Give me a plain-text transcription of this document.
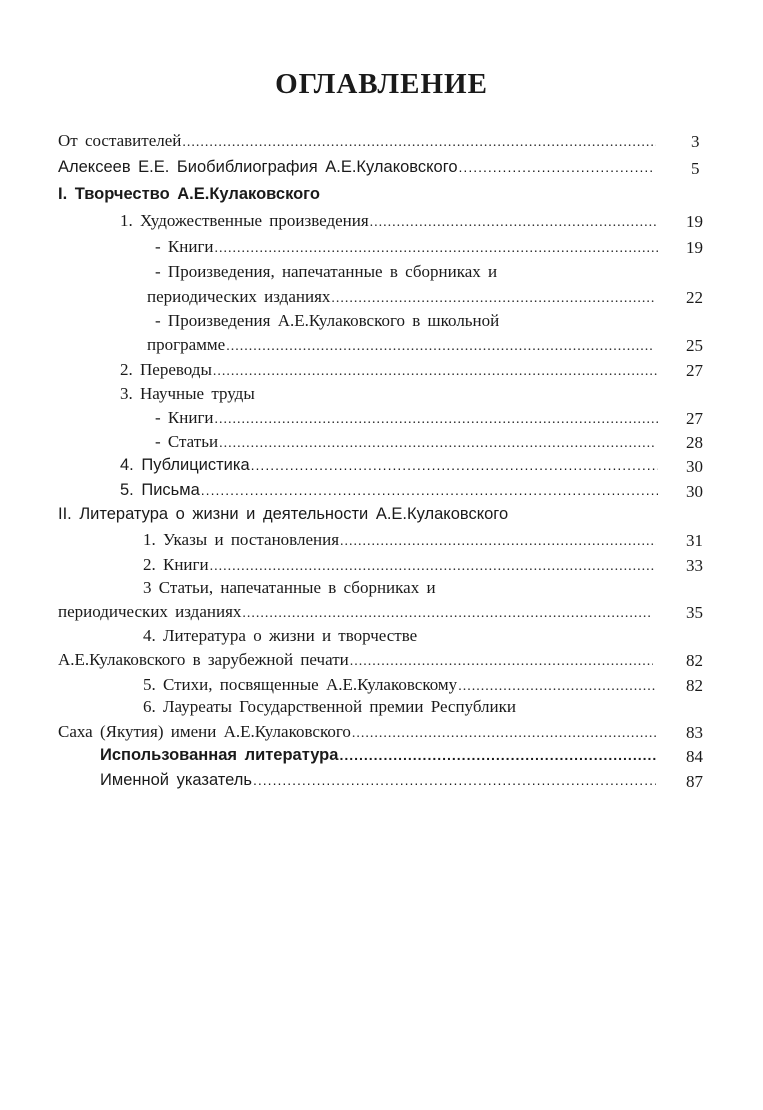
ОГЛАВЛЕНИЕ
3
От составителей
.....
5
Алексеев Е.Е. Биобиблиография А.Е.Кулаковского
.....
I. Творчество А.Е.Кулаковского
19
1. Художественные произведения
.....
19
- Книги
.....
- Произведения, напечатанные в сборниках и
22
периодических изданиях
.....
- Произведения А.Е.Кулаковского в школьной
25
программе
.....
27
2. Переводы
.....
3. Научные труды
27
- Книги
.....
28
- Статьи
.....
30
4. Публицистика
.....
30
5. Письма
.....
II. Литература о жизни и деятельности А.Е.Кулаковского
31
1. Указы и постановления
.....
33
2. Книги
.....
3 Статьи, напечатанные в сборниках и
35
периодических изданиях
.....
4. Литература о жизни и творчестве
82
А.Е.Кулаковского в зарубежной печати
.....
82
5. Стихи, посвященные А.Е.Кулаковскому
.....
6. Лауреаты Государственной премии Республики
83
Саха (Якутия) имени А.Е.Кулаковского
.....
84
Использованная литература
.....
87
Именной указатель
.....
